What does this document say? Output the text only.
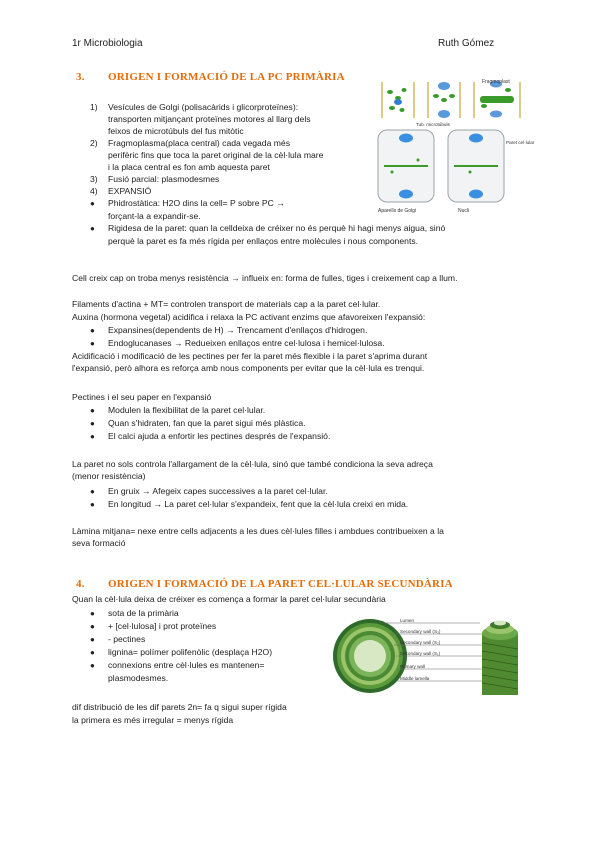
1r Microbiologia	Ruth Gómez
3. ORIGEN I FORMACIÓ DE LA PC PRIMÀRIA
1) Vesícules de Golgi (polisacàrids i glicorproteïnes):
transporten mitjançant proteïnes motores al llarg dels
feixos de microtúbuls del fus mitòtic
2) Fragmoplasma(placa central) cada vegada més
perifèric fins que toca la paret original de la cèl·lula mare
i la placa central es fon amb aquesta paret
3) Fusió parcial: plasmodesmes
4) EXPANSIÓ
● Phidrostàtica: H2O dins la cell= P sobre PC →
forçant-la a expandir-se.
● Rigidesa de la paret: quan la celldeixa de créixer no és perquè hi hagi menys aigua, sinó
perquè la paret es fa més rígida per enllaços entre molècules i nous components.
Fragmoplast
Tub. microtúbuls
Paret cel·lular
Aparells de Golgi	Nucli
Cell creix cap on troba menys resistència → influeix en: forma de fulles, tiges i creixement cap a llum.
Filaments d'actina + MT= controlen transport de materials cap a la paret cel·lular.
Auxina (hormona vegetal) acidifica i relaxa la PC activant enzims que afavoreixen l'expansió:
● Expansines(dependents de H) → Trencament d'enllaços d'hidrogen.
● Endoglucanases → Redueixen enllaços entre cel·lulosa i hemicel·lulosa.
Acidificació i modificació de les pectines per fer la paret més flexible i la paret s'aprima durant
l'expansió, però alhora es reforça amb nous components per evitar que la cèl·lula es trenqui.
Pectines i el seu paper en l'expansió
● Modulen la flexibilitat de la paret cel·lular.
● Quan s'hidraten, fan que la paret sigui més plàstica.
● El calci ajuda a enfortir les pectines després de l'expansió.
La paret no sols controla l'allargament de la cèl·lula, sinó que també condiciona la seva adreça
(menor resistència)
● En gruix → Afegeix capes successives a la paret cel·lular.
● En longitud → La paret cel·lular s'expandeix, fent que la cèl·lula creixi en mida.
Làmina mitjana= nexe entre cells adjacents a les dues cèl·lules filles i ambdues contribueixen a la
seva formació
4. ORIGEN I FORMACIÓ DE LA PARET CEL·LULAR SECUNDÀRIA
Quan la cèl·lula deixa de créixer es comença a formar la paret cel·lular secundària
● sota de la primària
● + [cel·lulosa] i prot proteïnes
● - pectines
● lignina= polímer polifenòlic (desplaça H2O)
● connexions entre cèl·lules es mantenen=
plasmodesmes.
dif distribució de les dif parets 2n= fa q sigui super rígida
la primera es més irregular = menys rígida
Lumen
Secondary wall (S₃)
Secondary wall (S₂)
Secondary wall (S₁)
Primary wall
Middle lamella
